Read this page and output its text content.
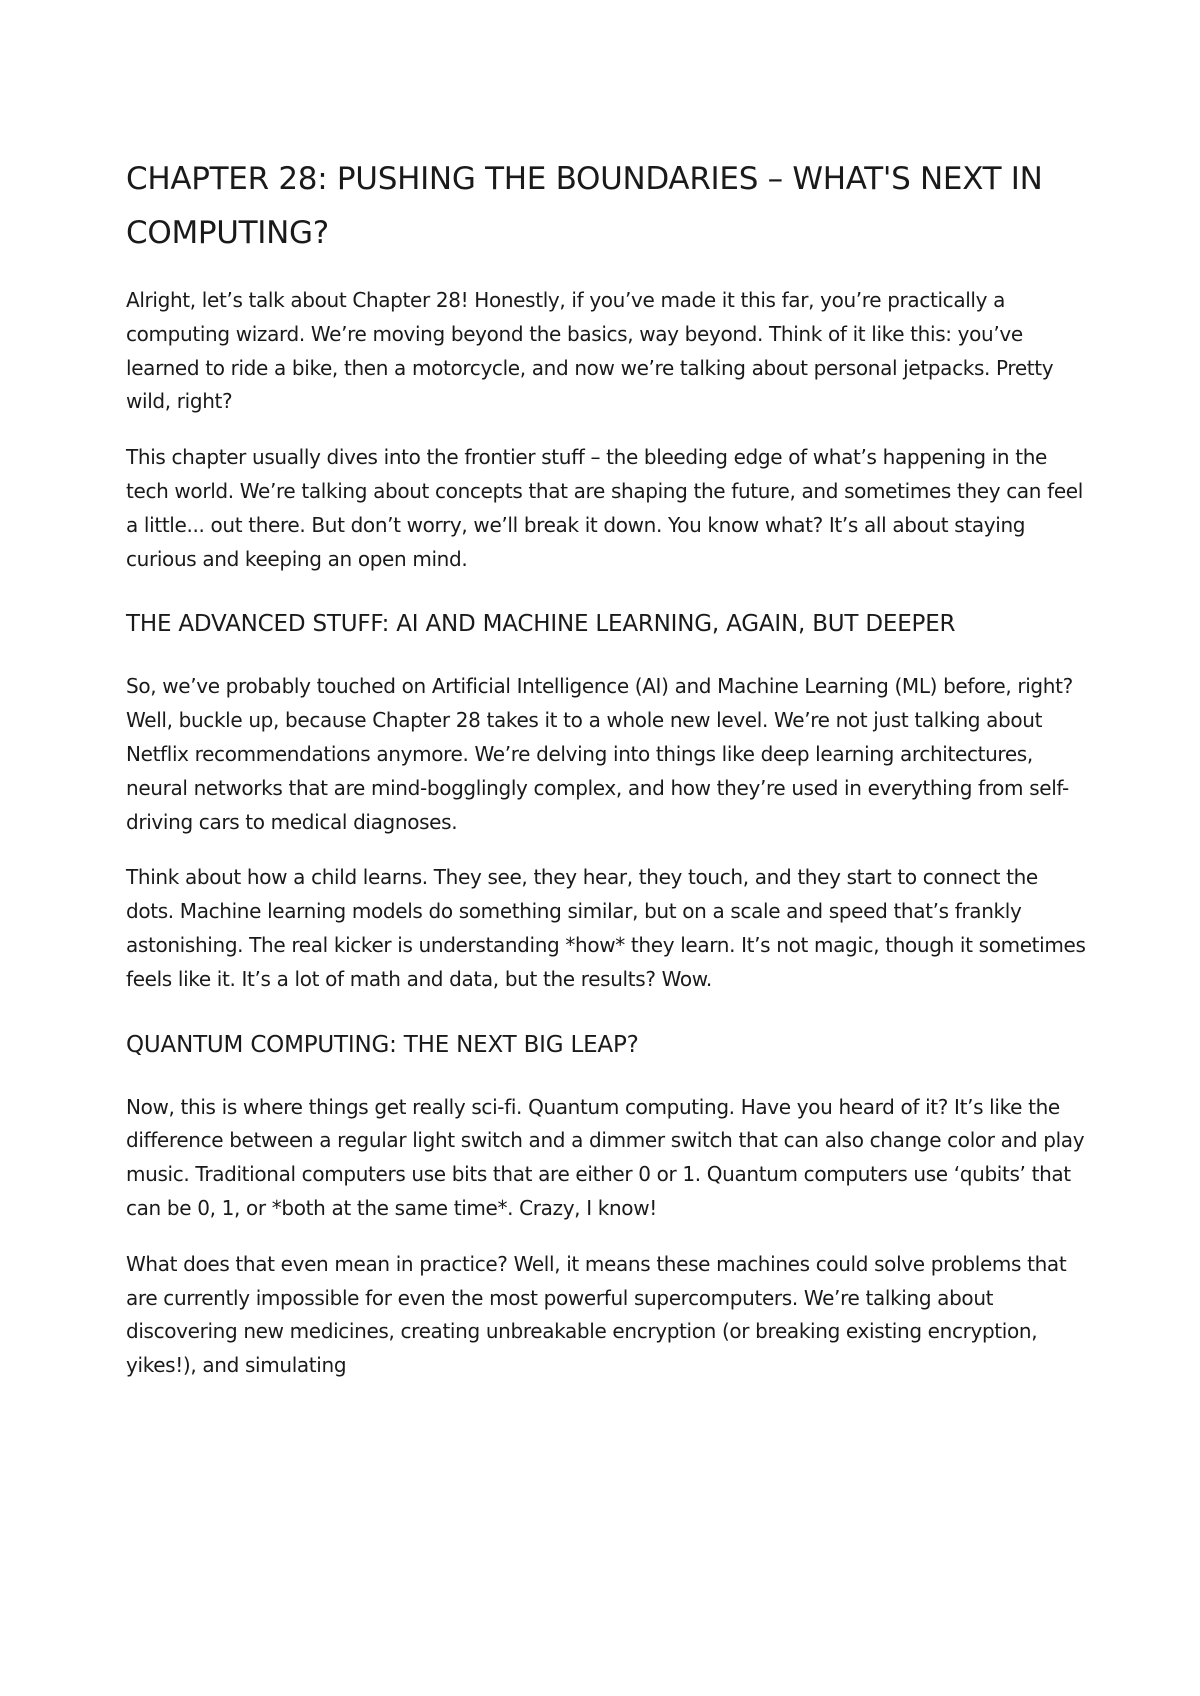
CHAPTER 28: PUSHING THE BOUNDARIES – WHAT'S NEXT IN COMPUTING?

Alright, let’s talk about Chapter 28! Honestly, if you’ve made it this far, you’re practically a computing wizard. We’re moving beyond the basics, way beyond. Think of it like this: you’ve learned to ride a bike, then a motorcycle, and now we’re talking about personal jetpacks. Pretty wild, right?

This chapter usually dives into the frontier stuff – the bleeding edge of what’s happening in the tech world. We’re talking about concepts that are shaping the future, and sometimes they can feel a little... out there. But don’t worry, we’ll break it down. You know what? It’s all about staying curious and keeping an open mind.

THE ADVANCED STUFF: AI AND MACHINE LEARNING, AGAIN, BUT DEEPER

So, we’ve probably touched on Artificial Intelligence (AI) and Machine Learning (ML) before, right? Well, buckle up, because Chapter 28 takes it to a whole new level. We’re not just talking about Netflix recommendations anymore. We’re delving into things like deep learning architectures, neural networks that are mind-bogglingly complex, and how they’re used in everything from self-driving cars to medical diagnoses.

Think about how a child learns. They see, they hear, they touch, and they start to connect the dots. Machine learning models do something similar, but on a scale and speed that’s frankly astonishing. The real kicker is understanding *how* they learn. It’s not magic, though it sometimes feels like it. It’s a lot of math and data, but the results? Wow.

QUANTUM COMPUTING: THE NEXT BIG LEAP?

Now, this is where things get really sci-fi. Quantum computing. Have you heard of it? It’s like the difference between a regular light switch and a dimmer switch that can also change color and play music. Traditional computers use bits that are either 0 or 1. Quantum computers use ‘qubits’ that can be 0, 1, or *both at the same time*. Crazy, I know!

What does that even mean in practice? Well, it means these machines could solve problems that are currently impossible for even the most powerful supercomputers. We’re talking about discovering new medicines, creating unbreakable encryption (or breaking existing encryption, yikes!), and simulating
